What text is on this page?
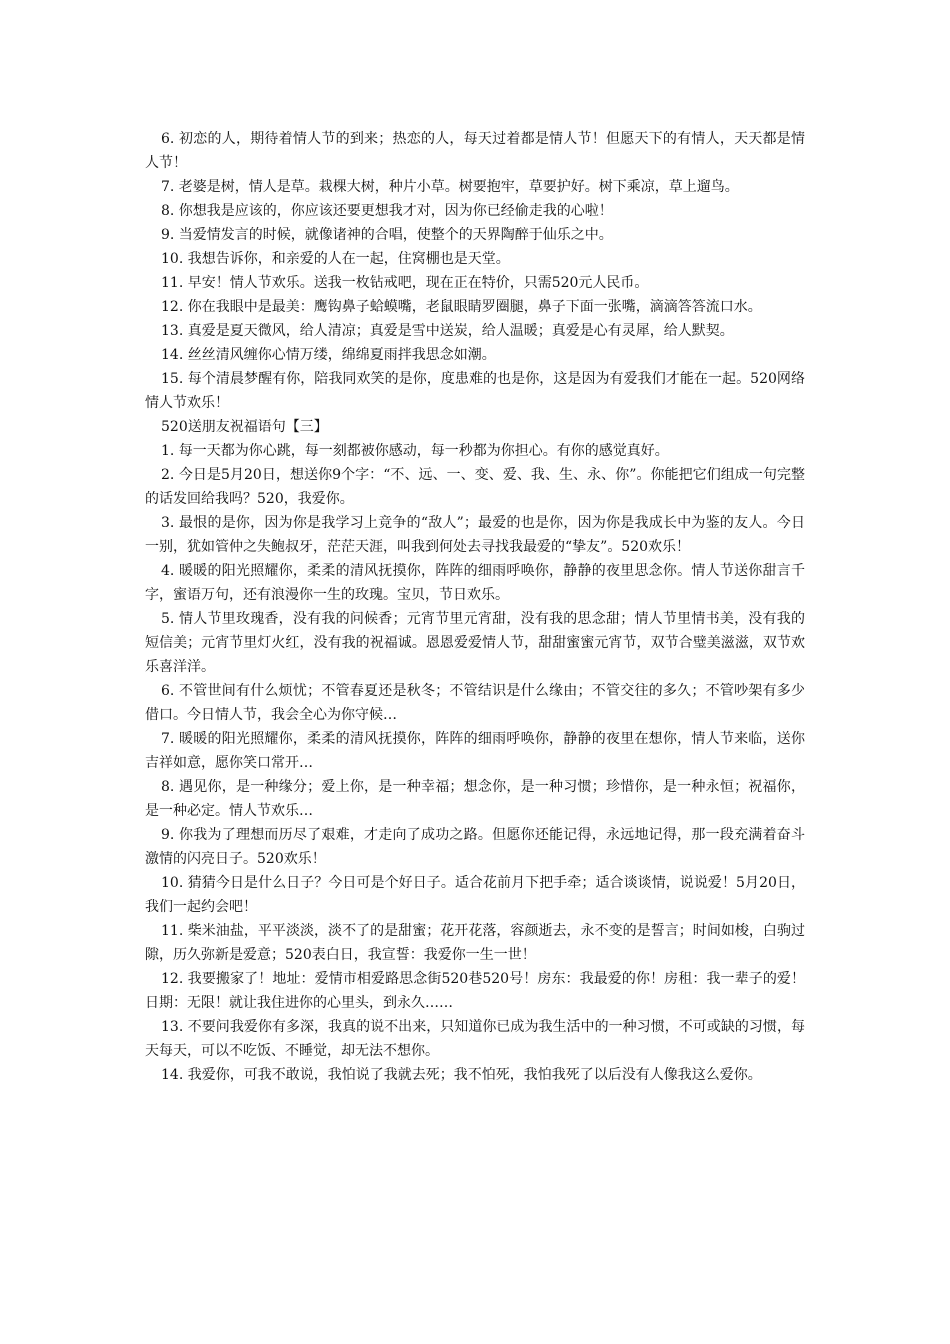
6. 初恋的人，期待着情人节的到来；热恋的人，每天过着都是情人节！但愿天下的有情人，天天都是情人节！

7. 老婆是树，情人是草。栽棵大树，种片小草。树要抱牢，草要护好。树下乘凉，草上遛鸟。

8. 你想我是应该的，你应该还要更想我才对，因为你已经偷走我的心啦！

9. 当爱情发言的时候，就像诸神的合唱，使整个的天界陶醉于仙乐之中。

10. 我想告诉你，和亲爱的人在一起，住窝棚也是天堂。

11. 早安！情人节欢乐。送我一枚钻戒吧，现在正在特价，只需520元人民币。

12. 你在我眼中是最美：鹰钩鼻子蛤蟆嘴，老鼠眼睛罗圈腿，鼻子下面一张嘴，滴滴答答流口水。

13. 真爱是夏天微风，给人清凉；真爱是雪中送炭，给人温暖；真爱是心有灵犀，给人默契。

14. 丝丝清风缠你心情万缕，绵绵夏雨拌我思念如潮。

15. 每个清晨梦醒有你，陪我同欢笑的是你，度患难的也是你，这是因为有爱我们才能在一起。520网络情人节欢乐！

520送朋友祝福语句【三】

1. 每一天都为你心跳，每一刻都被你感动，每一秒都为你担心。有你的感觉真好。

2. 今日是5月20日，想送你9个字：“不、远、一、变、爱、我、生、永、你”。你能把它们组成一句完整的话发回给我吗？520，我爱你。

3. 最恨的是你，因为你是我学习上竞争的“敌人”；最爱的也是你，因为你是我成长中为鉴的友人。今日一别，犹如管仲之失鲍叔牙，茫茫天涯，叫我到何处去寻找我最爱的“挚友”。520欢乐！

4. 暖暖的阳光照耀你，柔柔的清风抚摸你，阵阵的细雨呼唤你，静静的夜里思念你。情人节送你甜言千字，蜜语万句，还有浪漫你一生的玫瑰。宝贝，节日欢乐。

5. 情人节里玫瑰香，没有我的问候香；元宵节里元宵甜，没有我的思念甜；情人节里情书美，没有我的短信美；元宵节里灯火红，没有我的祝福诚。恩恩爱爱情人节，甜甜蜜蜜元宵节，双节合璧美滋滋，双节欢乐喜洋洋。

6. 不管世间有什么烦忧；不管春夏还是秋冬；不管结识是什么缘由；不管交往的多久；不管吵架有多少借口。今日情人节，我会全心为你守候…

7. 暖暖的阳光照耀你，柔柔的清风抚摸你，阵阵的细雨呼唤你，静静的夜里在想你，情人节来临，送你吉祥如意，愿你笑口常开…

8. 遇见你，是一种缘分；爱上你，是一种幸福；想念你，是一种习惯；珍惜你，是一种永恒；祝福你，是一种必定。情人节欢乐…

9. 你我为了理想而历尽了艰难，才走向了成功之路。但愿你还能记得，永远地记得，那一段充满着奋斗激情的闪亮日子。520欢乐！

10. 猜猜今日是什么日子？今日可是个好日子。适合花前月下把手牵；适合谈谈情，说说爱！5月20日，我们一起约会吧！

11. 柴米油盐，平平淡淡，淡不了的是甜蜜；花开花落，容颜逝去，永不变的是誓言；时间如梭，白驹过隙，历久弥新是爱意；520表白日，我宣誓：我爱你一生一世！

12. 我要搬家了！地址：爱情市相爱路思念街520巷520号！房东：我最爱的你！房租：我一辈子的爱！日期：无限！就让我住进你的心里头，到永久……

13. 不要问我爱你有多深，我真的说不出来，只知道你已成为我生活中的一种习惯，不可或缺的习惯，每天每天，可以不吃饭、不睡觉，却无法不想你。

14. 我爱你，可我不敢说，我怕说了我就去死；我不怕死，我怕我死了以后没有人像我这么爱你。
